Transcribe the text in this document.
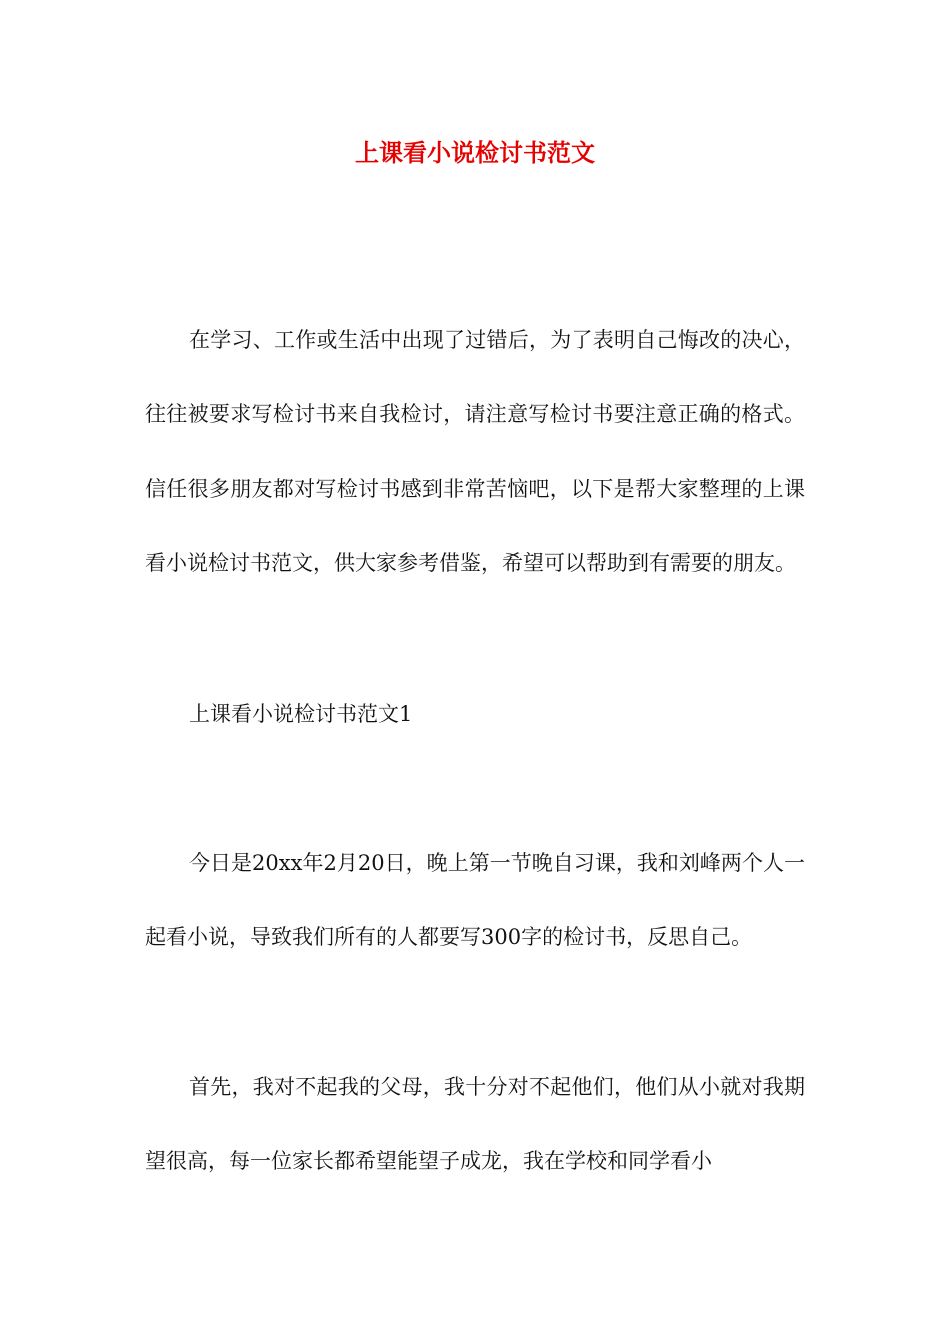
上课看小说检讨书范文

在学习、工作或生活中出现了过错后，为了表明自己悔改的决心，往往被要求写检讨书来自我检讨，请注意写检讨书要注意正确的格式。信任很多朋友都对写检讨书感到非常苦恼吧，以下是帮大家整理的上课看小说检讨书范文，供大家参考借鉴，希望可以帮助到有需要的朋友。

上课看小说检讨书范文1

今日是20xx年2月20日，晚上第一节晚自习课，我和刘峰两个人一起看小说，导致我们所有的人都要写300字的检讨书，反思自己。

首先，我对不起我的父母，我十分对不起他们，他们从小就对我期望很高，每一位家长都希望能望子成龙，我在学校和同学看小
